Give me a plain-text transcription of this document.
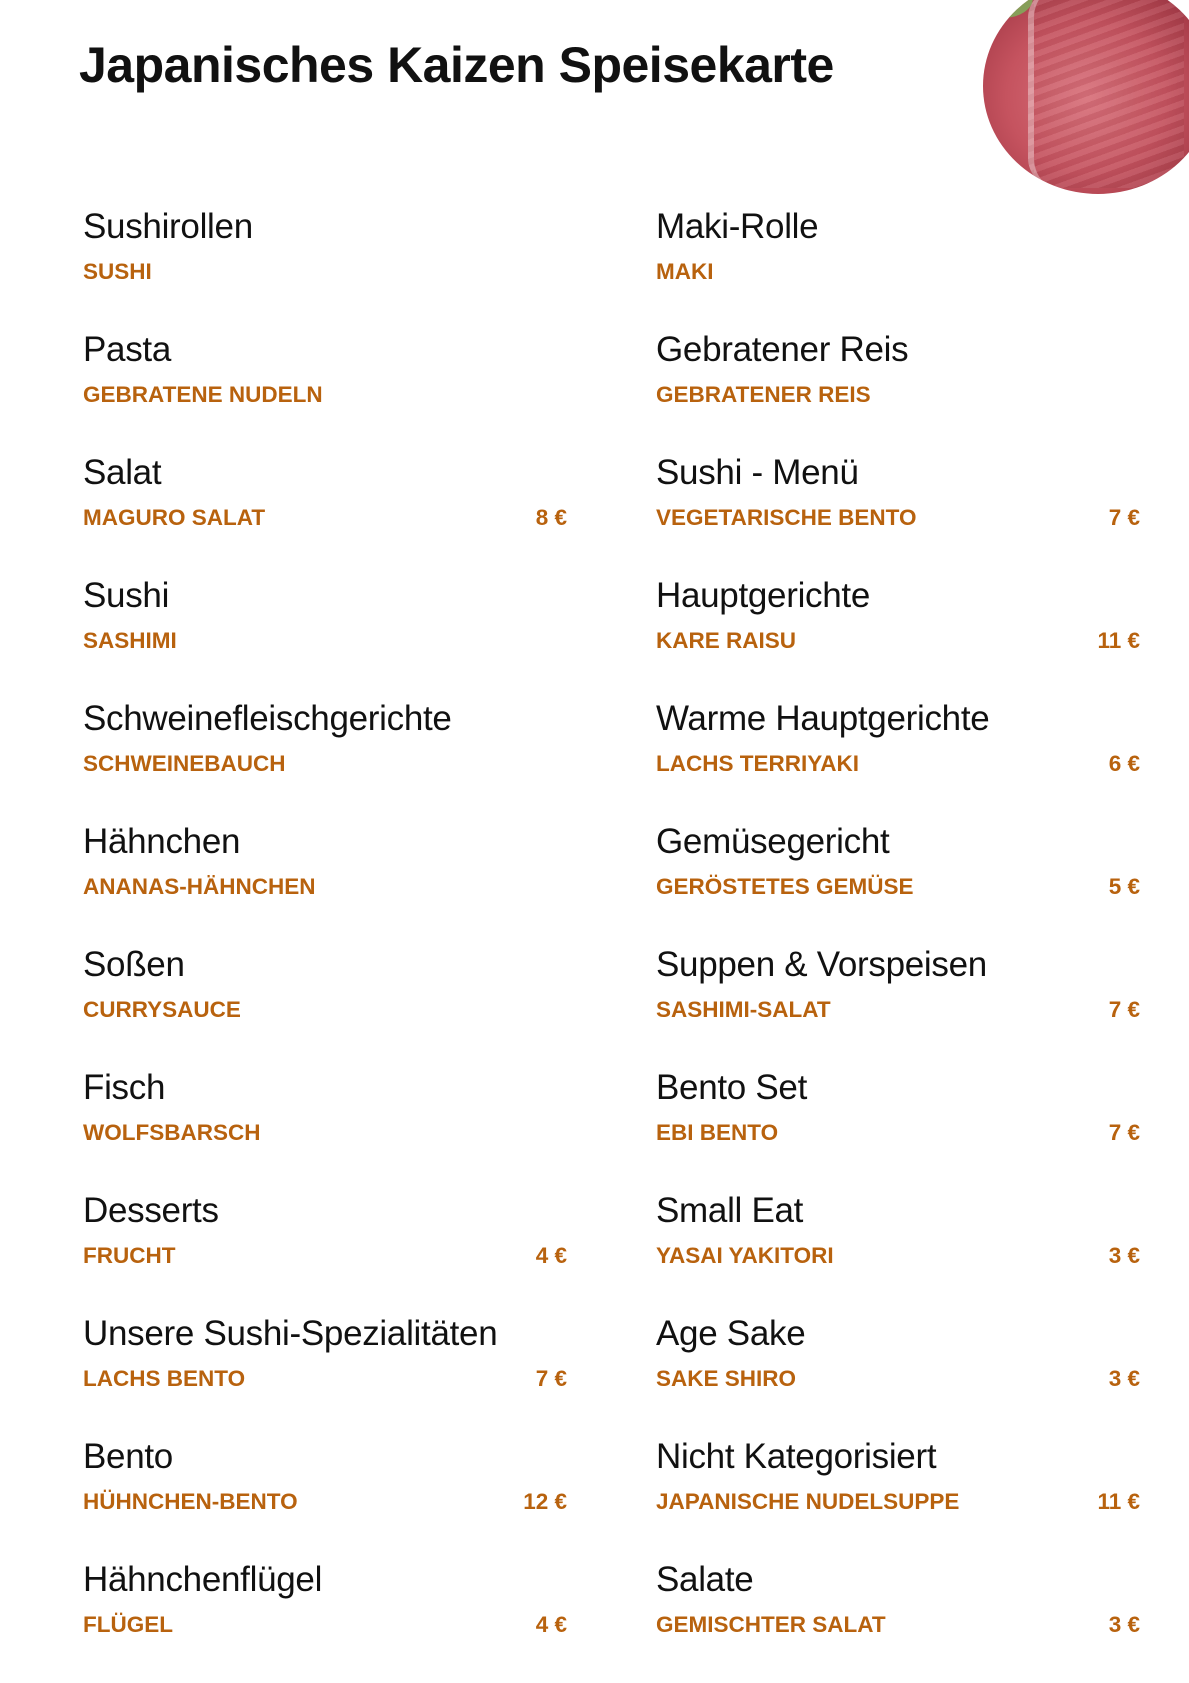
Japanisches Kaizen Speisekarte
Sushirollen
SUSHI
Pasta
GEBRATENE NUDELN
Salat
MAGURO SALAT	8 €
Sushi
SASHIMI
Schweinefleischgerichte
SCHWEINEBAUCH
Hähnchen
ANANAS-HÄHNCHEN
Soßen
CURRYSAUCE
Fisch
WOLFSBARSCH
Desserts
FRUCHT	4 €
Unsere Sushi-Spezialitäten
LACHS BENTO	7 €
Bento
HÜHNCHEN-BENTO	12 €
Hähnchenflügel
FLÜGEL	4 €
Maki-Rolle
MAKI
Gebratener Reis
GEBRATENER REIS
Sushi - Menü
VEGETARISCHE BENTO	7 €
Hauptgerichte
KARE RAISU	11 €
Warme Hauptgerichte
LACHS TERRIYAKI	6 €
Gemüsegericht
GERÖSTETES GEMÜSE	5 €
Suppen & Vorspeisen
SASHIMI-SALAT	7 €
Bento Set
EBI BENTO	7 €
Small Eat
YASAI YAKITORI	3 €
Age Sake
SAKE SHIRO	3 €
Nicht Kategorisiert
JAPANISCHE NUDELSUPPE	11 €
Salate
GEMISCHTER SALAT	3 €
